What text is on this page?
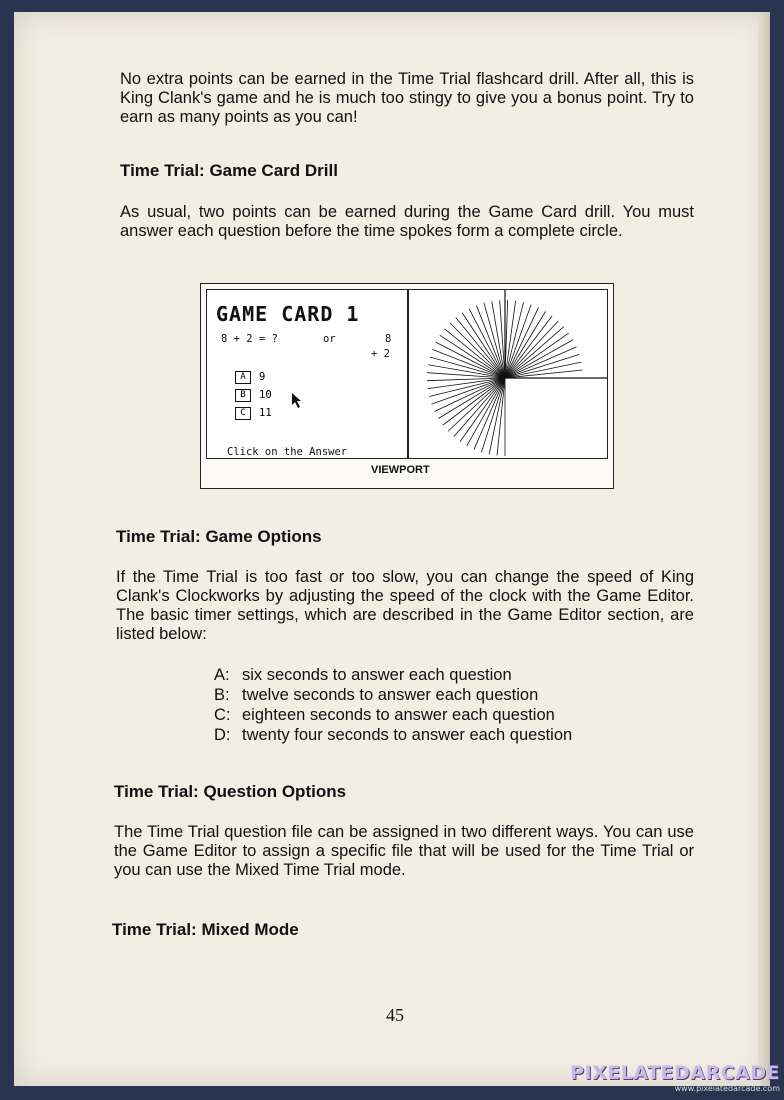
No extra points can be earned in the Time Trial flashcard drill. After all, this is King Clank's game and he is much too stingy to give you a bonus point. Try to earn as many points as you can!
Time Trial: Game Card Drill
As usual, two points can be earned during the Game Card drill. You must answer each question before the time spokes form a complete circle.
GAME CARD 1
8 + 2 = ?	or	8
+ 2
A	9
B	10
C	11
Click on the Answer
VIEWPORT
Time Trial: Game Options
If the Time Trial is too fast or too slow, you can change the speed of King Clank's Clockworks by adjusting the speed of the clock with the Game Editor. The basic timer settings, which are described in the Game Editor section, are listed below:
A: six seconds to answer each question
B: twelve seconds to answer each question
C: eighteen seconds to answer each question
D: twenty four seconds to answer each question
Time Trial: Question Options
The Time Trial question file can be assigned in two different ways. You can use the Game Editor to assign a specific file that will be used for the Time Trial or you can use the Mixed Time Trial mode.
Time Trial: Mixed Mode
45
PIXELATEDARCADE
www.pixelatedarcade.com
